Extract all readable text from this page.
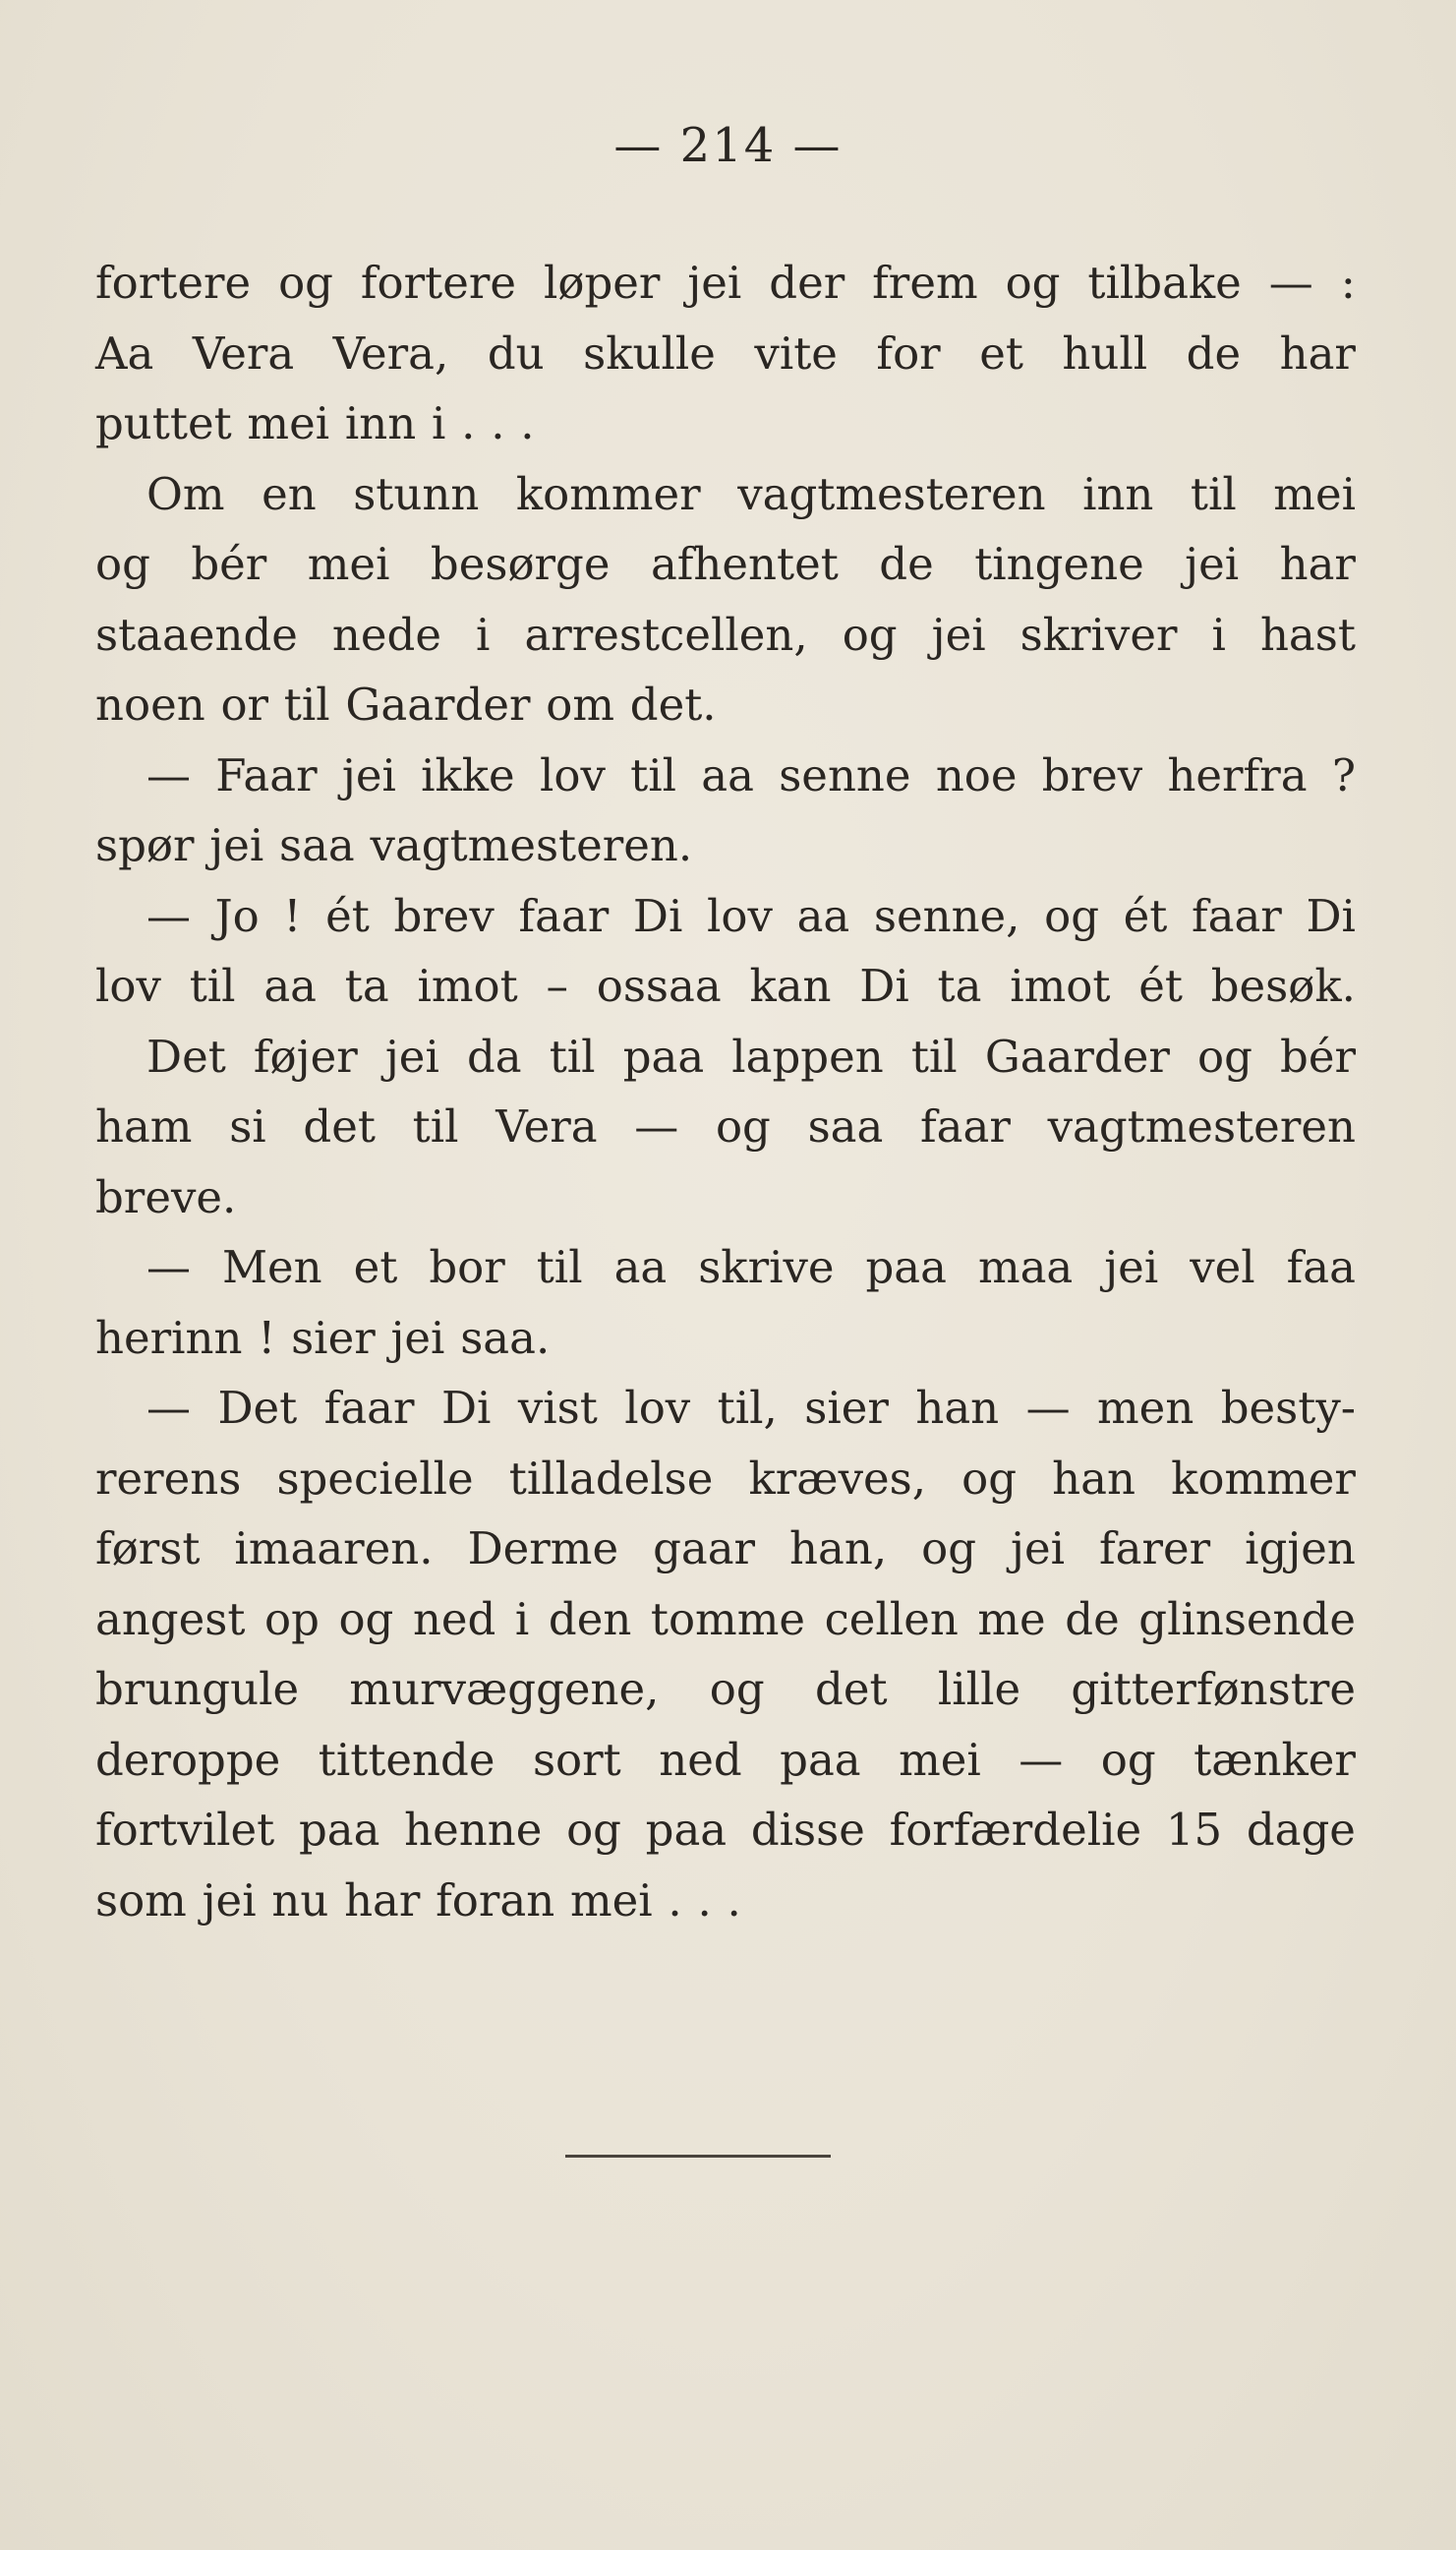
— 214 —
fortere og fortere løper jei der frem og tilbake — :
Aa Vera Vera, du skulle vite for et hull de har
puttet mei inn i . . .
Om en stunn kommer vagtmesteren inn til mei
og bér mei besørge afhentet de tingene jei har
staaende nede i arrestcellen, og jei skriver i hast
noen or til Gaarder om det.
— Faar jei ikke lov til aa senne noe brev herfra ?
spør jei saa vagtmesteren.
— Jo ! ét brev faar Di lov aa senne, og ét faar Di
lov til aa ta imot – ossaa kan Di ta imot ét besøk.
Det føjer jei da til paa lappen til Gaarder og bér
ham si det til Vera — og saa faar vagtmesteren
breve.
— Men et bor til aa skrive paa maa jei vel faa
herinn ! sier jei saa.
— Det faar Di vist lov til, sier han — men besty-
rerens specielle tilladelse kræves, og han kommer
først imaaren. Derme gaar han, og jei farer igjen
angest op og ned i den tomme cellen me de glinsende
brungule murvæggene, og det lille gitterfønstre
deroppe tittende sort ned paa mei — og tænker
fortvilet paa henne og paa disse forfærdelie 15 dage
som jei nu har foran mei . . .
